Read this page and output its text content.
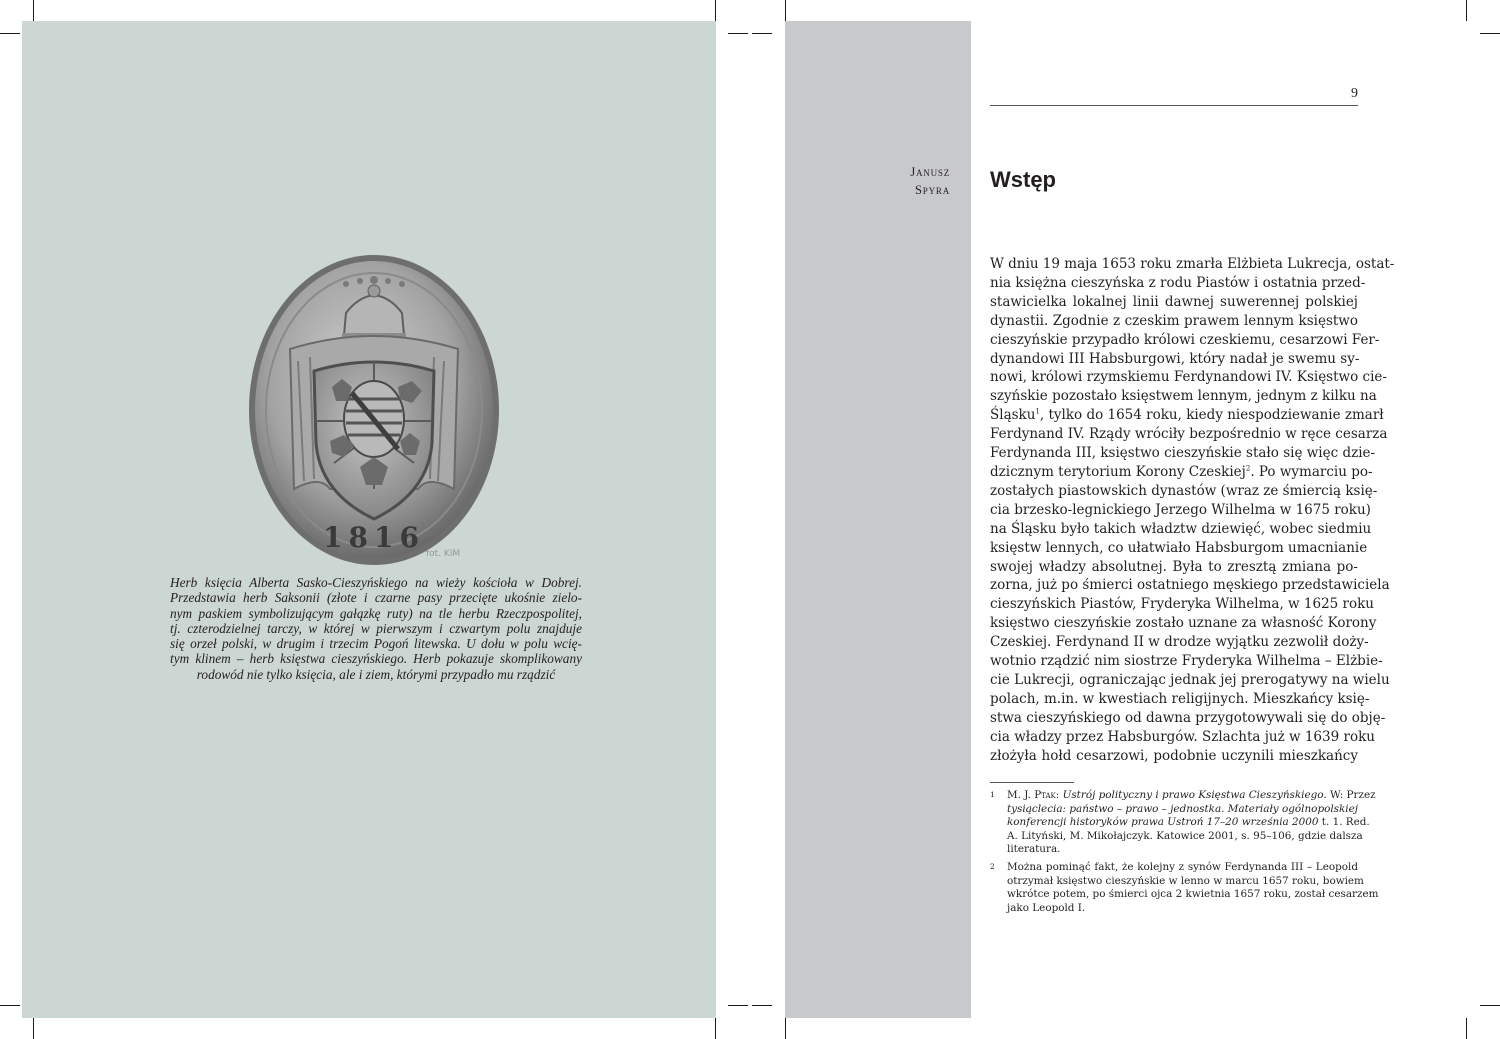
1816 fot. KiM
Herb księcia Alberta Sasko-Cieszyńskiego na wieży kościoła w Dobrej.
Przedstawia herb Saksonii (złote i czarne pasy przecięte ukośnie zielo-
nym paskiem symbolizującym gałązkę ruty) na tle herbu Rzeczpospolitej,
tj. czterodzielnej tarczy, w której w pierwszym i czwartym polu znajduje
się orzeł polski, w drugim i trzecim Pogoń litewska. U dołu w polu wcię-
tym klinem – herb księstwa cieszyńskiego. Herb pokazuje skomplikowany
rodowód nie tylko księcia, ale i ziem, którymi przypadło mu rządzić
9
Janusz
Spyra Wstęp
W dniu 19 maja 1653 roku zmarła Elżbieta Lukrecja, ostat-
nia księżna cieszyńska z rodu Piastów i ostatnia przed-
stawicielka lokalnej linii dawnej suwerennej polskiej
dynastii. Zgodnie z czeskim prawem lennym księstwo
cieszyńskie przypadło królowi czeskiemu, cesarzowi Fer-
dynandowi III Habsburgowi, który nadał je swemu sy-
nowi, królowi rzymskiemu Ferdynandowi IV. Księstwo cie-
szyńskie pozostało księstwem lennym, jednym z kilku na
Śląsku$^1$, tylko do 1654 roku, kiedy niespodziewanie zmarł
Ferdynand IV. Rządy wróciły bezpośrednio w ręce cesarza
Ferdynanda III, księstwo cieszyńskie stało się więc dzie-
dzicznym terytorium Korony Czeskiej$^2$. Po wymarciu po-
zostałych piastowskich dynastów (wraz ze śmiercią księ-
cia brzesko-legnickiego Jerzego Wilhelma w 1675 roku)
na Śląsku było takich władztw dziewięć, wobec siedmiu
księstw lennych, co ułatwiało Habsburgom umacnianie
swojej władzy absolutnej. Była to zresztą zmiana po-
zorna, już po śmierci ostatniego męskiego przedstawiciela
cieszyńskich Piastów, Fryderyka Wilhelma, w 1625 roku
księstwo cieszyńskie zostało uznane za własność Korony
Czeskiej. Ferdynand II w drodze wyjątku zezwolił doży-
wotnio rządzić nim siostrze Fryderyka Wilhelma – Elżbie-
cie Lukrecji, ograniczając jednak jej prerogatywy na wielu
polach, m.in. w kwestiach religijnych. Mieszkańcy księ-
stwa cieszyńskiego od dawna przygotowywali się do obję-
cia władzy przez Habsburgów. Szlachta już w 1639 roku
złożyła hołd cesarzowi, podobnie uczynili mieszkańcy
1 M. J. Ptak: Ustrój polityczny i prawo Księstwa Cieszyńskiego. W: Przez
tysiąclecia: państwo – prawo – jednostka. Materiały ogólnopolskiej
konferencji historyków prawa Ustroń 17–20 września 2000 t. 1. Red.
A. Lityński, M. Mikołajczyk. Katowice 2001, s. 95–106, gdzie dalsza
literatura.
2 Można pominąć fakt, że kolejny z synów Ferdynanda III – Leopold
otrzymał księstwo cieszyńskie w lenno w marcu 1657 roku, bowiem
wkrótce potem, po śmierci ojca 2 kwietnia 1657 roku, został cesarzem
jako Leopold I.
